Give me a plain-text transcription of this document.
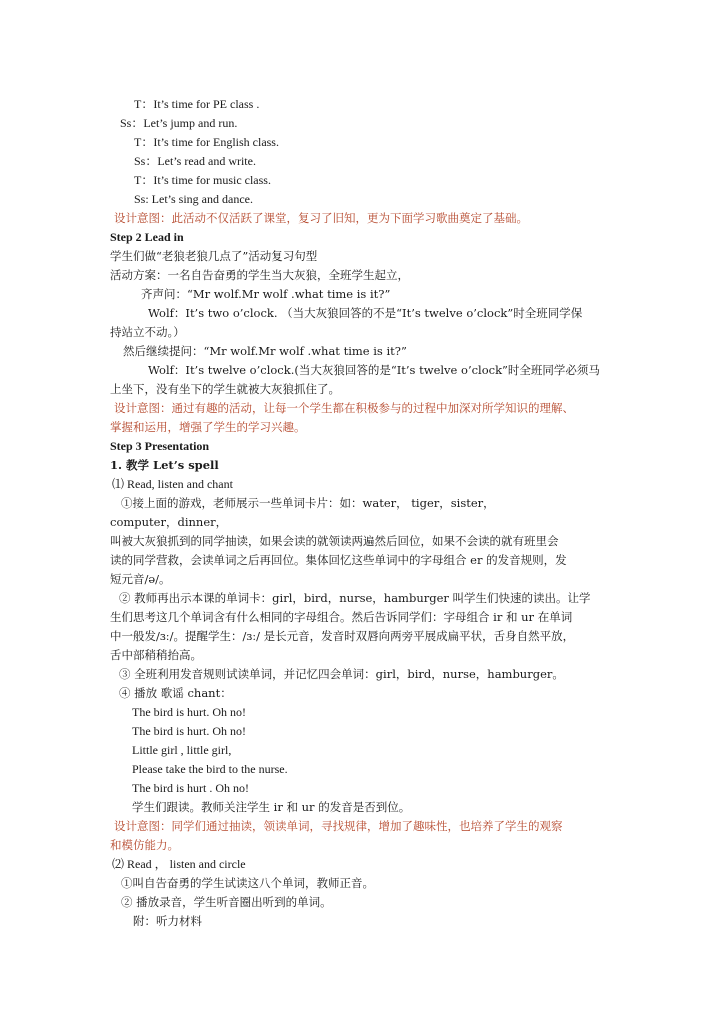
T：It’s time for PE class .
Ss：Let’s jump and run.
T：It’s time for English class.
Ss：Let’s read and write.
T：It’s time for music class.
Ss: Let’s sing and dance.
设计意图：此活动不仅活跃了课堂，复习了旧知，更为下面学习歌曲奠定了基础。
Step 2 Lead in
学生们做“老狼老狼几点了”活动复习句型
活动方案：一名自告奋勇的学生当大灰狼，全班学生起立，
齐声问：“Mr wolf.Mr wolf .what time is it?”
Wolf：It’s two o’clock. （当大灰狼回答的不是“It’s twelve o’clock”时全班同学保
持站立不动。）
然后继续提问：“Mr wolf.Mr wolf .what time is it?”
Wolf：It’s twelve o’clock.(当大灰狼回答的是“It’s twelve o’clock”时全班同学必须马
上坐下，没有坐下的学生就被大灰狼抓住了。
设计意图：通过有趣的活动，让每一个学生都在积极参与的过程中加深对所学知识的理解、
掌握和运用，增强了学生的学习兴趣。
Step 3 Presentation
1. 教学 Let’s spell
⑴ Read, listen and chant
①接上面的游戏，老师展示一些单词卡片：如：water， tiger，sister，
computer，dinner，
叫被大灰狼抓到的同学抽读，如果会读的就领读两遍然后回位，如果不会读的就有班里会
读的同学营救，会读单词之后再回位。集体回忆这些单词中的字母组合 er 的发音规则，发
短元音/ə/。
② 教师再出示本课的单词卡：girl，bird，nurse，hamburger 叫学生们快速的读出。让学
生们思考这几个单词含有什么相同的字母组合。然后告诉同学们：字母组合 ir 和 ur 在单词
中一般发/ɜː/。提醒学生：/ɜː/ 是长元音，发音时双唇向两旁平展成扁平状，舌身自然平放，
舌中部稍稍抬高。
③ 全班利用发音规则试读单词，并记忆四会单词：girl，bird，nurse，hamburger。
④ 播放 歌谣 chant：
The bird is hurt. Oh no!
The bird is hurt. Oh no!
Little girl , little girl,
Please take the bird to the nurse.
The bird is hurt . Oh no!
学生们跟读。教师关注学生 ir 和 ur 的发音是否到位。
设计意图：同学们通过抽读，领读单词，寻找规律，增加了趣味性，也培养了学生的观察
和模仿能力。
⑵ Read ， listen and circle
①叫自告奋勇的学生试读这八个单词，教师正音。
② 播放录音，学生听音圈出听到的单词。
附：听力材料
